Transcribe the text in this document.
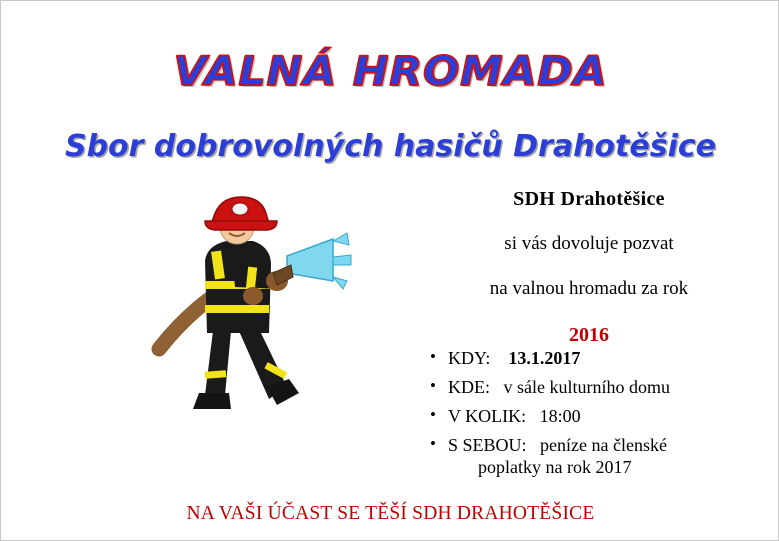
VALNÁ HROMADA
Sbor dobrovolných hasičů Drahotěšice
SDH Drahotěšice
si vás dovoluje pozvat
na valnou hromadu za rok
2016
• KDY: 13.1.2017
• KDE: v sále kulturního domu
• V KOLIK: 18:00
• S SEBOU: peníze na členské
poplatky na rok 2017
NA VAŠI ÚČAST SE TĚŠÍ SDH DRAHOTĚŠICE
